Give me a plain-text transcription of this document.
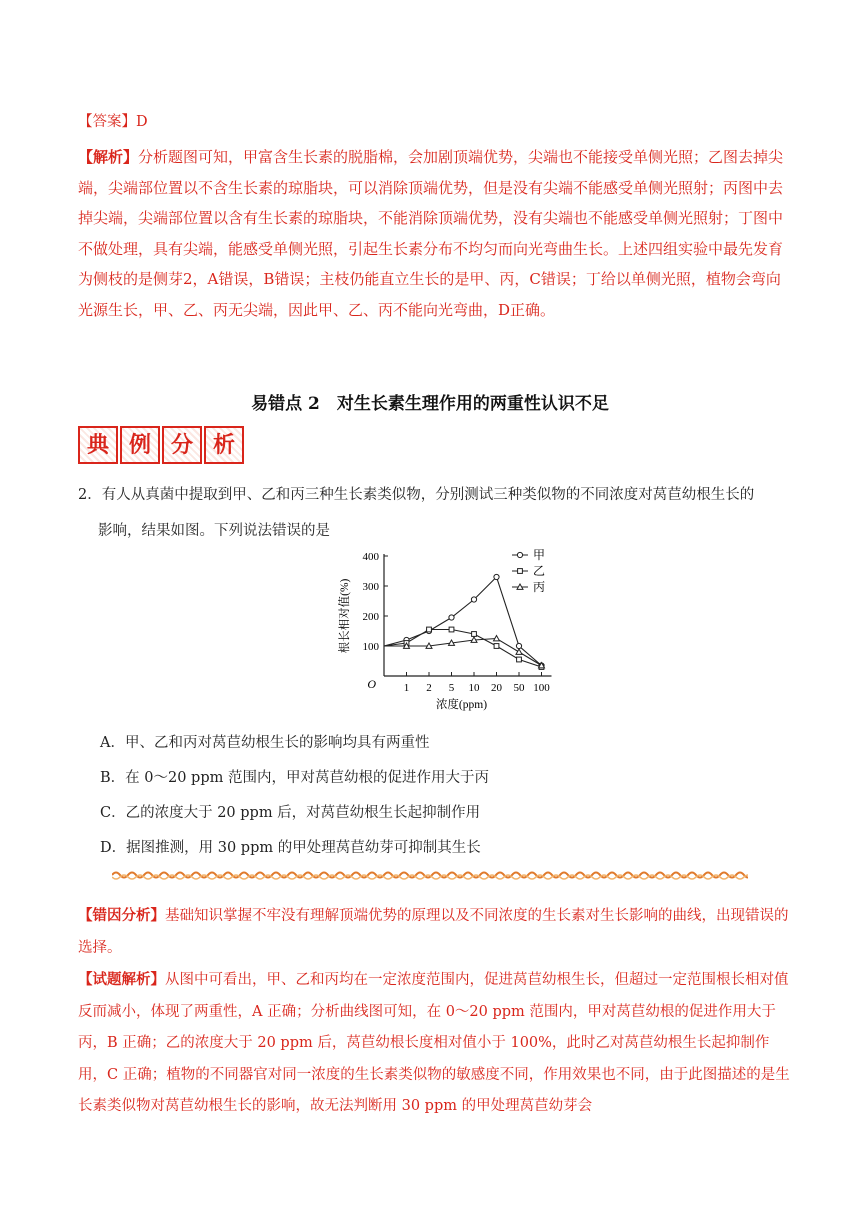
【答案】D
【解析】分析题图可知，甲富含生长素的脱脂棉，会加剧顶端优势，尖端也不能接受单侧光照；乙图去掉尖端，尖端部位置以不含生长素的琼脂块，可以消除顶端优势，但是没有尖端不能感受单侧光照射；丙图中去掉尖端，尖端部位置以含有生长素的琼脂块，不能消除顶端优势，没有尖端也不能感受单侧光照射；丁图中不做处理，具有尖端，能感受单侧光照，引起生长素分布不均匀而向光弯曲生长。上述四组实验中最先发育为侧枝的是侧芽2，A错误，B错误；主枝仍能直立生长的是甲、丙，C错误；丁给以单侧光照，植物会弯向光源生长，甲、乙、丙无尖端，因此甲、乙、丙不能向光弯曲，D正确。
易错点 2　对生长素生理作用的两重性认识不足
典 例 分 析
2．有人从真菌中提取到甲、乙和丙三种生长素类似物，分别测试三种类似物的不同浓度对莴苣幼根生长的
影响，结果如图。下列说法错误的是
100
200
300
400
O	1 2 5 10 20 50 100
浓度(ppm)
根长相对值(%)
甲
乙
丙
A．甲、乙和丙对莴苣幼根生长的影响均具有两重性
B．在 0～20 ppm 范围内，甲对莴苣幼根的促进作用大于丙
C．乙的浓度大于 20 ppm 后，对莴苣幼根生长起抑制作用
D．据图推测，用 30 ppm 的甲处理莴苣幼芽可抑制其生长
【错因分析】基础知识掌握不牢没有理解顶端优势的原理以及不同浓度的生长素对生长影响的曲线，出现错误的选择。
【试题解析】从图中可看出，甲、乙和丙均在一定浓度范围内，促进莴苣幼根生长，但超过一定范围根长相对值反而减小，体现了两重性，A 正确；分析曲线图可知，在 0～20 ppm 范围内，甲对莴苣幼根的促进作用大于丙，B 正确；乙的浓度大于 20 ppm 后，莴苣幼根长度相对值小于 100%，此时乙对莴苣幼根生长起抑制作用，C 正确；植物的不同器官对同一浓度的生长素类似物的敏感度不同，作用效果也不同，由于此图描述的是生长素类似物对莴苣幼根生长的影响，故无法判断用 30 ppm 的甲处理莴苣幼芽会
